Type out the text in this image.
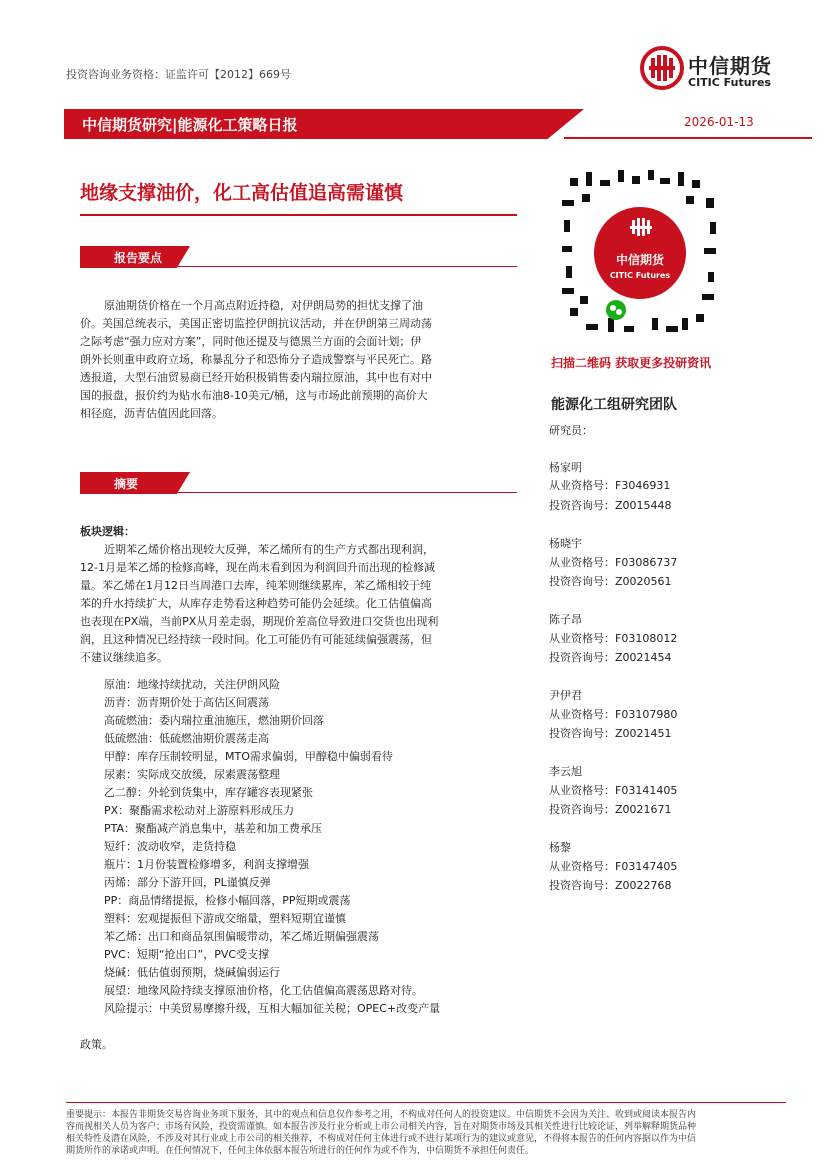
投资咨询业务资格：证监许可【2012】669号	中信期货
CITIC Futures
中信期货研究|能源化工策略日报	2026-01-13
地缘支撑油价，化工高估值追高需谨慎
报告要点
原油期货价格在一个月高点附近持稳，对伊朗局势的担忧支撑了油
价。美国总统表示，美国正密切监控伊朗抗议活动，并在伊朗第三周动荡
之际考虑“强力应对方案”，同时他还提及与德黑兰方面的会面计划；伊
朗外长则重申政府立场，称暴乱分子和恐怖分子造成警察与平民死亡。路
透报道，大型石油贸易商已经开始积极销售委内瑞拉原油，其中也有对中
国的报盘，报价约为贴水布油8-10美元/桶，这与市场此前预期的高价大
相径庭，沥青估值因此回落。
摘要
板块逻辑：
近期苯乙烯价格出现较大反弹，苯乙烯所有的生产方式都出现利润，
12-1月是苯乙烯的检修高峰，现在尚未看到因为利润回升而出现的检修减
量。苯乙烯在1月12日当周港口去库，纯苯则继续累库，苯乙烯相较于纯
苯的升水持续扩大，从库存走势看这种趋势可能仍会延续。化工估值偏高
也表现在PX端，当前PX从月差走弱，期现价差高位导致进口交货也出现利
润，且这种情况已经持续一段时间。化工可能仍有可能延续偏强震荡，但
不建议继续追多。
原油：地缘持续扰动，关注伊朗风险
沥青：沥青期价处于高估区间震荡
高硫燃油：委内瑞拉重油施压，燃油期价回落
低硫燃油：低硫燃油期价震荡走高
甲醇：库存压制较明显，MTO需求偏弱，甲醇稳中偏弱看待
尿素：实际成交放缓，尿素震荡整理
乙二醇：外轮到货集中，库存罐容表现紧张
PX：聚酯需求松动对上游原料形成压力
PTA：聚酯减产消息集中，基差和加工费承压
短纤：波动收窄，走货持稳
瓶片：1月份装置检修增多，利润支撑增强
丙烯：部分下游开回，PL谨慎反弹
PP：商品情绪提振，检修小幅回落，PP短期或震荡
塑料：宏观提振但下游成交缩量，塑料短期宜谨慎
苯乙烯：出口和商品氛围偏暖带动，苯乙烯近期偏强震荡
PVC：短期“抢出口”，PVC受支撑
烧碱：低估值弱预期，烧碱偏弱运行
展望：地缘风险持续支撑原油价格，化工估值偏高震荡思路对待。
风险提示：中美贸易摩擦升级，互相大幅加征关税；OPEC+改变产量
政策。
中信期货
CITIC Futures
扫描二维码 获取更多投研资讯
能源化工组研究团队
研究员：
杨家明
从业资格号：F3046931
投资咨询号：Z0015448
杨晓宇
从业资格号：F03086737
投资咨询号：Z0020561
陈子昂
从业资格号：F03108012
投资咨询号：Z0021454
尹伊君
从业资格号：F03107980
投资咨询号：Z0021451
李云旭
从业资格号：F03141405
投资咨询号：Z0021671
杨黎
从业资格号：F03147405
投资咨询号：Z0022768
重要提示：本报告非期货交易咨询业务项下服务，其中的观点和信息仅作参考之用，不构成对任何人的投资建议。中信期货不会因为关注、收到或阅读本报告内
容而视相关人员为客户；市场有风险，投资需谨慎。如本报告涉及行业分析或上市公司相关内容，旨在对期货市场及其相关性进行比较论证，列举解释期货品种
相关特性及潜在风险，不涉及对其行业或上市公司的相关推荐，不构成对任何主体进行或不进行某项行为的建议或意见，不得将本报告的任何内容据以作为中信
期货所作的承诺或声明。在任何情况下，任何主体依据本报告所进行的任何作为或不作为，中信期货不承担任何责任。
